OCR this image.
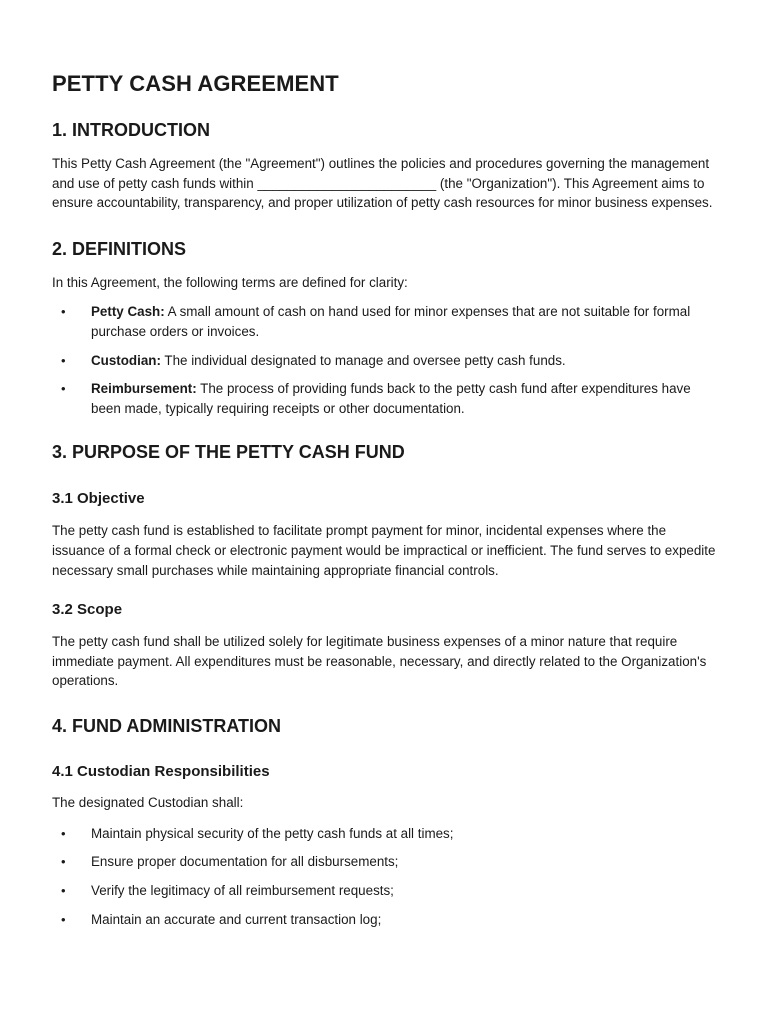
PETTY CASH AGREEMENT
1. INTRODUCTION

This Petty Cash Agreement (the "Agreement") outlines the policies and procedures governing the management and use of petty cash funds within ________________________ (the "Organization"). This Agreement aims to ensure accountability, transparency, and proper utilization of petty cash resources for minor business expenses.

2. DEFINITIONS

In this Agreement, the following terms are defined for clarity:

• Petty Cash: A small amount of cash on hand used for minor expenses that are not suitable for formal purchase orders or invoices.
• Custodian: The individual designated to manage and oversee petty cash funds.
• Reimbursement: The process of providing funds back to the petty cash fund after expenditures have been made, typically requiring receipts or other documentation.
3. PURPOSE OF THE PETTY CASH FUND
3.1 Objective

The petty cash fund is established to facilitate prompt payment for minor, incidental expenses where the issuance of a formal check or electronic payment would be impractical or inefficient. The fund serves to expedite necessary small purchases while maintaining appropriate financial controls.

3.2 Scope

The petty cash fund shall be utilized solely for legitimate business expenses of a minor nature that require immediate payment. All expenditures must be reasonable, necessary, and directly related to the Organization's operations.

4. FUND ADMINISTRATION
4.1 Custodian Responsibilities

The designated Custodian shall:

• Maintain physical security of the petty cash funds at all times;
• Ensure proper documentation for all disbursements;
• Verify the legitimacy of all reimbursement requests;
• Maintain an accurate and current transaction log;
